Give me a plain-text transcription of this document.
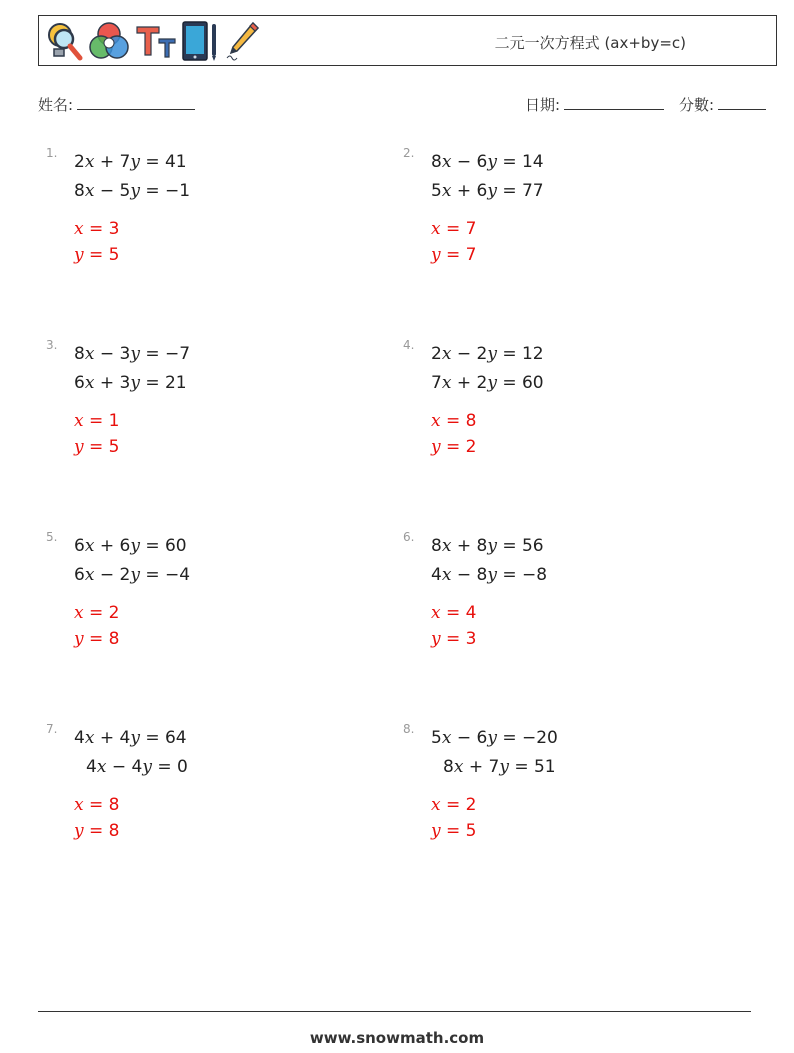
二元一次方程式 (ax+by=c)
姓名:	日期:	分數:
1. 2x + 7y = 41
8x − 5y = −1
x = 3
y = 5
2. 8x − 6y = 14
5x + 6y = 77
x = 7
y = 7
3. 8x − 3y = −7
6x + 3y = 21
x = 1
y = 5
4. 2x − 2y = 12
7x + 2y = 60
x = 8
y = 2
5. 6x + 6y = 60
6x − 2y = −4
x = 2
y = 8
6. 8x + 8y = 56
4x − 8y = −8
x = 4
y = 3
7. 4x + 4y = 64
4x − 4y = 0
x = 8
y = 8
8. 5x − 6y = −20
8x + 7y = 51
x = 2
y = 5
www.snowmath.com
